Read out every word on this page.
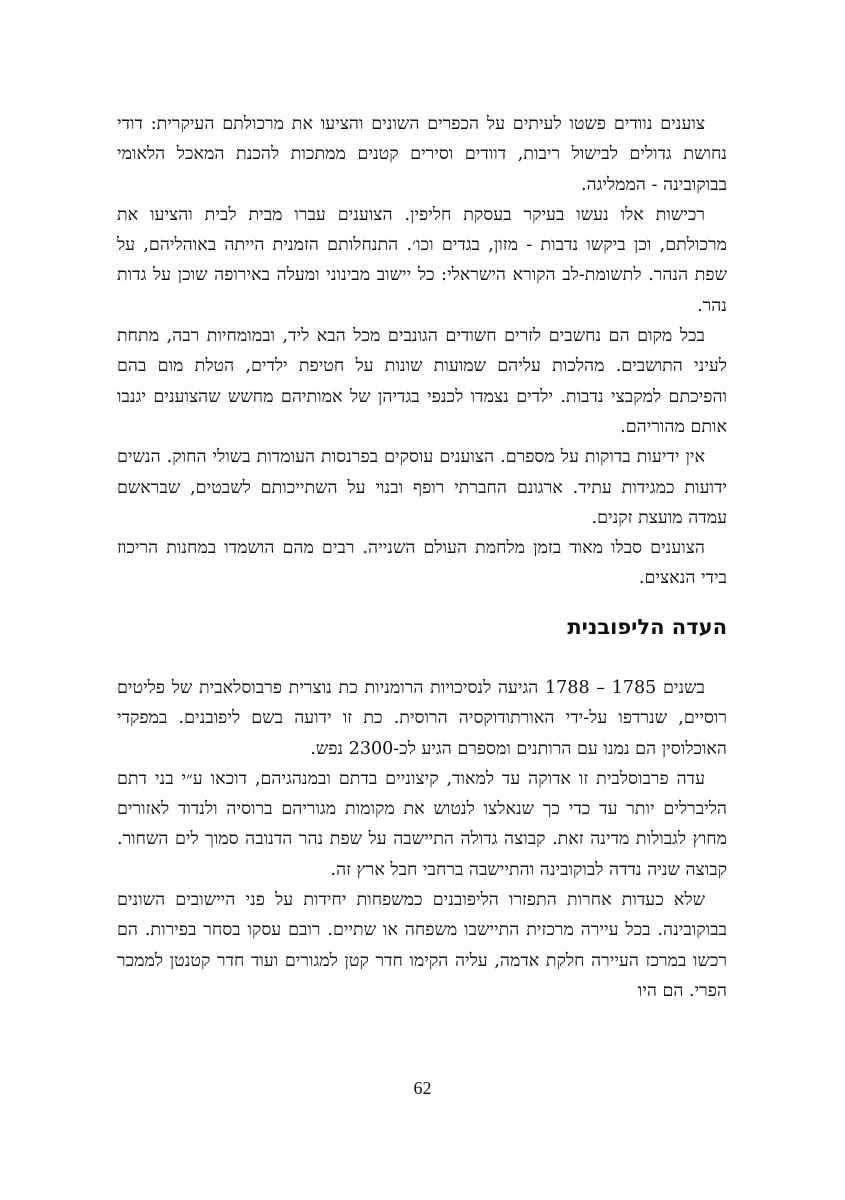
צוענים נוודים פשטו לעיתים על הכפרים השונים והציעו את מרכולתם העיקרית: דודי נחושת גדולים לבישול ריבות, דוודים וסירים קטנים ממתכות להכנת המאכל הלאומי בבוקובינה - הממליגה.

רכישות אלו נעשו בעיקר בעסקת חליפין. הצוענים עברו מבית לבית והציעו את מרכולתם, וכן ביקשו נדבות - מזון, בגדים וכו׳. התנחלותם הזמנית הייתה באוהליהם, על שפת הנהר. לתשומת-לב הקורא הישראלי: כל יישוב מבינוני ומעלה באירופה שוכן על גדות נהר.

בכל מקום הם נחשבים לזרים חשודים הגונבים מכל הבא ליד, ובמומחיות רבה, מתחת לעיני התושבים. מהלכות עליהם שמועות שונות על חטיפת ילדים, הטלת מום בהם והפיכתם למקבצי נדבות. ילדים נצמדו לכנפי בגדיהן של אמותיהם מחשש שהצוענים יגנבו אותם מהוריהם.

אין ידיעות בדוקות על מספרם. הצוענים עוסקים בפרנסות העומדות בשולי החוק. הנשים ידועות כמגידות עתיד. ארגונם החברתי רופף ובנוי על השתייכותם לשבטים, שבראשם עמדה מועצת זקנים.

הצוענים סבלו מאוד בזמן מלחמת העולם השנייה. רבים מהם הושמדו במחנות הריכוז בידי הנאצים.

העדה הליפובנית

בשנים 1785 – 1788 הגיעה לנסיכויות הרומניות כת נוצרית פרבוסלאבית של פליטים רוסיים, שנרדפו על-ידי האורתודוקסיה הרוסית. כת זו ידועה בשם ליפובנים. במפקדי האוכלוסין הם נמנו עם הרותנים ומספרם הגיע לכ-2300 נפש.

עדה פרבוסלבית זו אדוקה עד למאוד, קיצוניים בדתם ובמנהגיהם, דוכאו ע״י בני דתם הליברלים יותר עד כדי כך שנאלצו לנטוש את מקומות מגוריהם ברוסיה ולנדוד לאזורים מחוץ לגבולות מדינה זאת. קבוצה גדולה התיישבה על שפת נהר הדנובה סמוך לים השחור. קבוצה שניה נדדה לבוקובינה והתיישבה ברחבי חבל ארץ זה.

שלא כעדות אחרות התפזרו הליפובנים כמשפחות יחידות על פני היישובים השונים בבוקובינה. בכל עיירה מרכזית התיישבו משפחה או שתיים. רובם עסקו בסחר בפירות. הם רכשו במרכז העיירה חלקת אדמה, עליה הקימו חדר קטן למגורים ועוד חדר קטנטן לממכר הפרי. הם היו

62
